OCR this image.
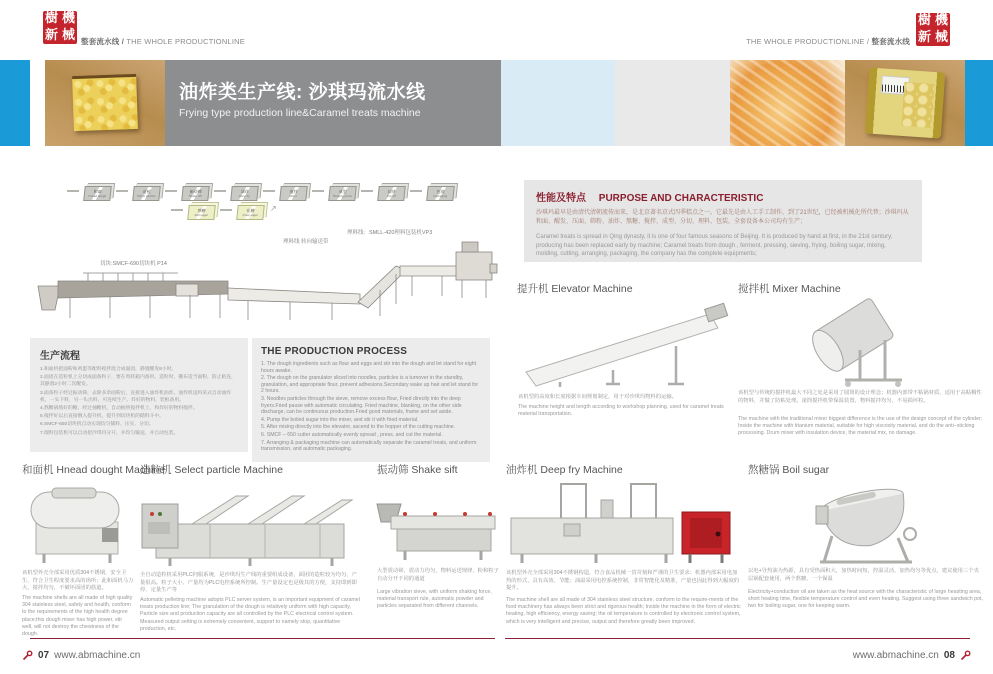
樹 機
新 械 整套流水线 / THE WHOLE PRODUCTIONLINE	THE WHOLE PRODUCTIONLINE / 整套流水线
樹 機
新 械
油炸类生产线: 沙琪玛流水线
Frying type production line&Caramel treats machine
和面
Hnead dough
造粒
Select particle
振动筛
Shake sift
油炸
Deep fry
搅拌
Mixer
成型
Shaping press
切块
Cut off
包装
Packaging
熬糖
Boil sugar
化糖
Evap sugar
↗
理料线：SMLL-420理料包装机VP3
理料线 转向输送带
切块:SMCF-690切块机 P14
生产流程
1.和面机把面粉和鸡蛋等配料搅拌混合成面团，静置醒发8小时。
2.面团在造粒机上分切成面条粒子，要在周转箱内备用。造粒时，撒布适当面粉，防止粘连，其静置2小时二次醒发。
3.面条粒子经过振动筛，去除多余面粉后，直接进入油炸机油炸。油炸机送料采式自动油炸机，一头下料，另一头出料，可连续生产。炸好的物料，装框备用。
4.熬糖锅熬好的糖，经过抽糖机，自动抽到搅拌机上，和炸好的物料搅拌。
5.搅拌好以后直接倒入提升机，提升到切块机的储料斗中。
6.SMCF-650切块机自动实现均匀铺料、压实、分切。
7.理料包装机可以自动把沙琪玛分开，并均匀输送，并自动包装。
THE PRODUCTION PROCESS
1. The dough ingredients such as flour and eggs and stir into the dough and let stand for eight hours awake.
2. The dough on the granulator sliced into noodles, particles is a turnover in the standby, granulation, and appropriate flour, prevent adhesions.Secondary wake up hair and let stand for 2 hours.
3. Noodles particles through the sieve, remove excess flour, Fried directly into the deep fryers.Fried pause with automatic circulating. Fried machine, blanking, on the other side discharge, can be continuous production.Fried good materials, frame and set aside.
4. Pump the boiled sugar into the mixer, and stir it with fried material.
5. After mixing directly into the elevator, ascend to the hopper of the cutting machine.
6. SMCF – 650 cutter automatically evenly spread , press, and cut the material.
7. Arranging & packaging machine can automatically separate the caramel treats, and uniform transmission, and automatic packaging.
性能及特点 PURPOSE AND CHARACTERISTIC
沙琪玛最早是由清代清朝流传而来，是北京著名京式四季糕点之一。它最先是由人工手工制作，到了21世纪，已经被机械化所代替；沙琪玛从 和面、醒发、压面、筛粉、油炸、熬糖、搅拌、成型、分切、理料、包装，全套设备本公司均有生产；
Caramel treats is spread in Qing dynasty, it is one of four famous seasons of Beijing. It is produced by hand at first, in the 21st century, producing has been replaced early by machine; Caramel treats from dough , ferment, pressing, sieving, frying, boiling sugar, mixing, molding, cutting, arranging, packaging, the company has the complete equipments;
提升机 Elevator Machine
该机型的高度和长度根据车间规划制定，用于对沙琪玛物料的运输。
The machine height and length according to workshop planning, used for caramel treats material transportation.
搅拌机 Mixer Machine
该机型与传统的搅拌机最大不同之处是采用了圆筒的设计理念；机器内部带不粘锅材质，适用于高粘稠性的物料，并做了防粘处理。滚筒搅拌机带保温装置，物料搅拌均匀，不易损坏粒。
The machine with the traditional mixer biggest difference is the use of the design concept of the cylinder; Inside the machine with titanium material, suitable for high viscosity material, and do the anti–sticking processing. Drum mixer with insulation device, the material mix, no damage.
和面机 Hnead dought Machine
该机型外壳全部采用优质304不锈钢，安全卫生，符合卫生程度要求高的场所；此和面机马力大，搅拌均匀，不破坏面团的筋道。
The machine shells are all made of high quality 304 stainless steel, safety and health, conform to the requirements of the high health degree place;this dough mixer has high power, stir well, will not destroy the chewiness of the dough.
造粒机 Select particle Machine
全自动造粒机采用PLC伺服系统，是沙琪玛生产线的重要组成设备，面团的造粒较为均匀，产量很高。粒子大小、产量均为PLC电控系统所控制。生产量设定也是极其的方便，支持即到即停、定量生产等
Automatic pelleting machine adopts PLC server system, is an important equipment of caramel treats production line; The granulation of the dough is relatively uniform with high capacity, Particle size and production capacity are all controlled by the PLC electrical control system. Measured output setting is extremely convenient, support to namely stop, quantitative production, etc.
振动筛 Shake sift
大型震动筛，震动力均匀，物料运送规律，粉和粒子自动分开不同的通道
Large vibration sieve, with uniform shaking force, material transport rule, automatic powder and particles separated from different channels.
油炸机 Deep fry Machine
该机型外壳全部采用304不锈钢构造，符合食品机械一贯苛刻和严谨的卫生要求；机器内部采用电加热的形式，具有高效、节能；油温采用电控系统控制，非常智能化及精准，产量也因此得到大幅度的提升。
The machine shell are all made of 304 stainless steel structure, conform to the require-ments of the food machinery has always been strict and rigorous health; Inside the machine in the form of electric heating, high efficiency, energy saving; the oil temperature is controlled by electronic control system, which is very intelligent and precise, output and therefore greatly been improved.
熬糖锅 Boil sugar
以电+导热油为热源，具有受热面积大，加热时间短，控温灵活，加热均匀等优点，建议使用三个夹层锅配套使用，两个熬糖、一个保温
Electricity+conduction oil are taken as the heat source with the characteristic of large heasting area, short heating time, flexible temperature control and even heating. Suggest using three sandwich pot, two for boiling sugar, one for keeping warm.
07 www.abmachine.cn	www.abmachine.cn 08
